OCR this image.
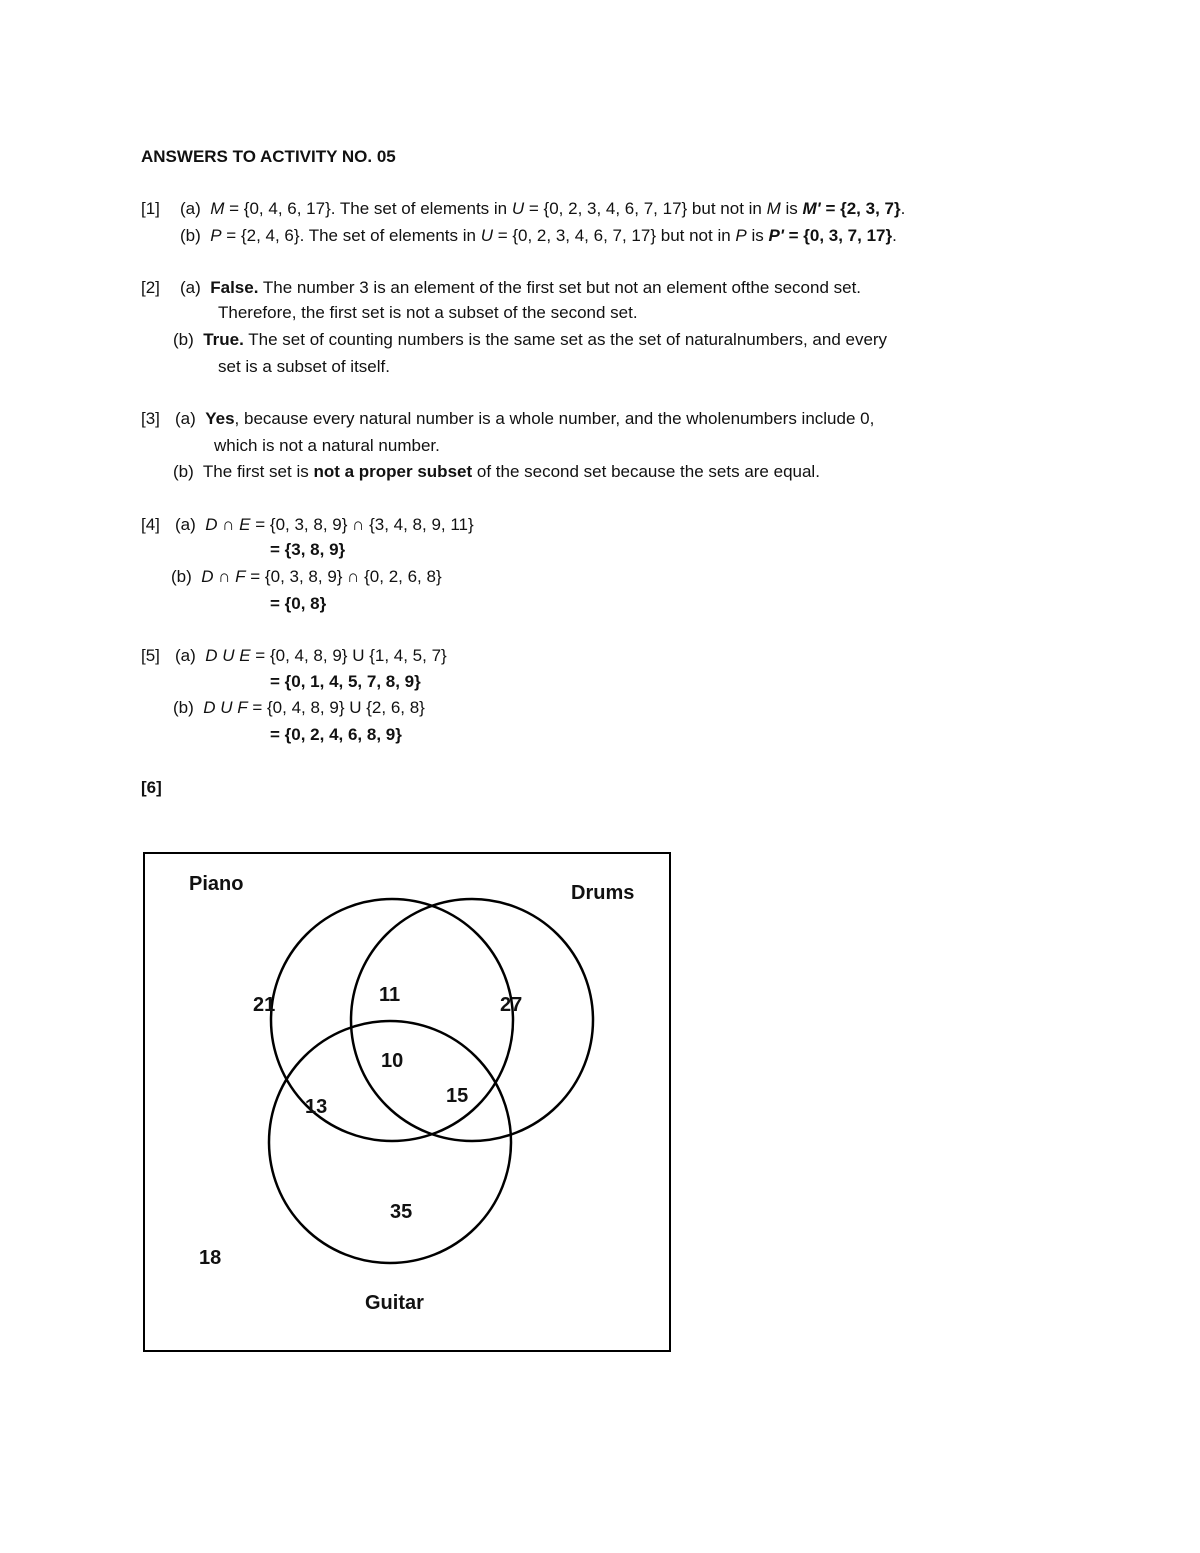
ANSWERS TO ACTIVITY NO. 05
[1] (a) M = {0, 4, 6, 17}. The set of elements in U = {0, 2, 3, 4, 6, 7, 17} but not in M is M' = {2, 3, 7}.
(b) P = {2, 4, 6}. The set of elements in U = {0, 2, 3, 4, 6, 7, 17} but not in P is P' = {0, 3, 7, 17}.
[2] (a) False. The number 3 is an element of the first set but not an element ofthe second set.
Therefore, the first set is not a subset of the second set.
(b) True. The set of counting numbers is the same set as the set of naturalnumbers, and every
set is a subset of itself.
[3] (a) Yes, because every natural number is a whole number, and the wholenumbers include 0,
which is not a natural number.
(b) The first set is not a proper subset of the second set because the sets are equal.
[4] (a) D ∩ E = {0, 3, 8, 9} ∩ {3, 4, 8, 9, 11}
= {3, 8, 9}
(b) D ∩ F = {0, 3, 8, 9} ∩ {0, 2, 6, 8}
= {0, 8}
[5] (a) D U E = {0, 4, 8, 9} U {1, 4, 5, 7}
= {0, 1, 4, 5, 7, 8, 9}
(b) D U F = {0, 4, 8, 9} U {2, 6, 8}
= {0, 2, 4, 6, 8, 9}
[6]
Piano	Drums
Guitar
21	11	27
10
13	15
35
18
